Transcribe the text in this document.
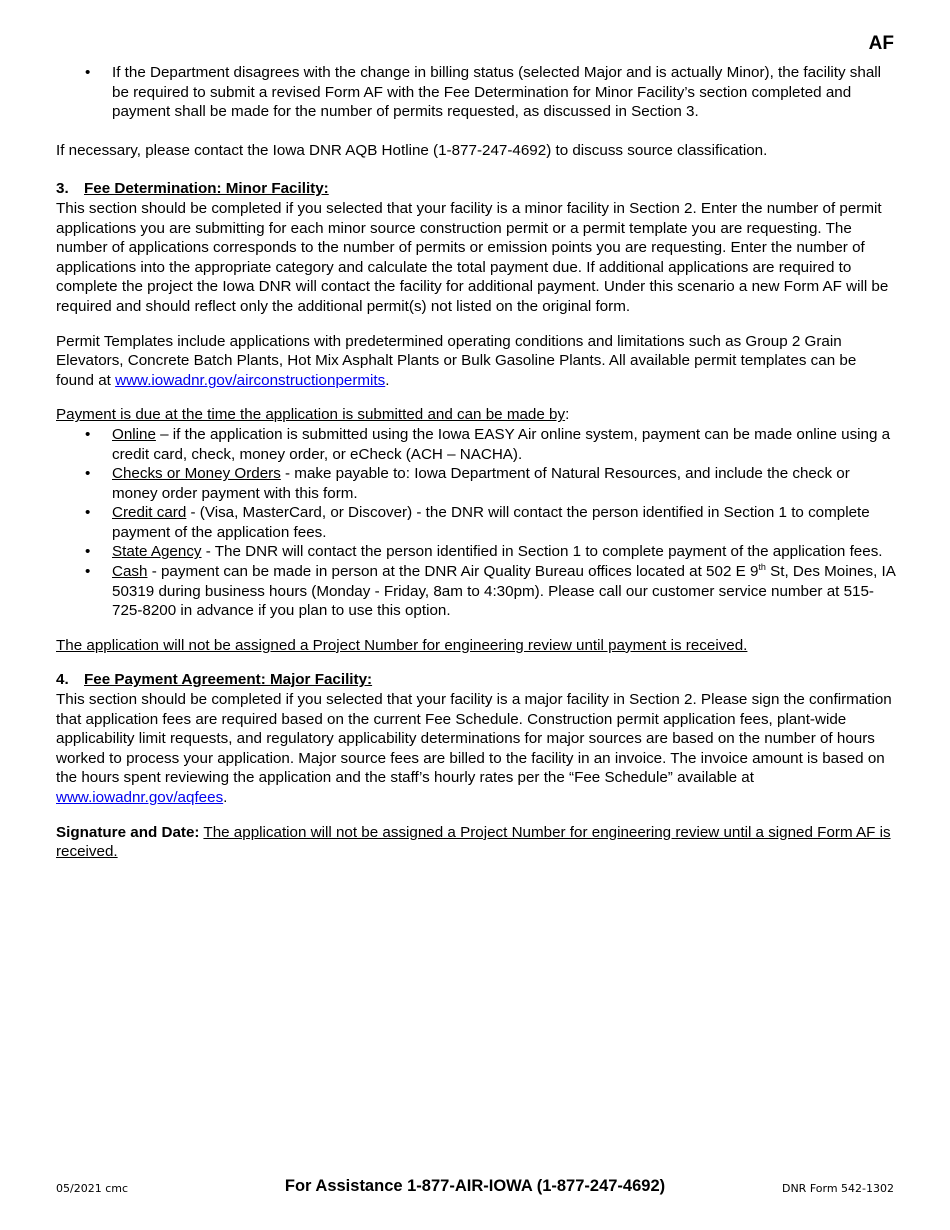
AF
• If the Department disagrees with the change in billing status (selected Major and is actually Minor), the facility shall be required to submit a revised Form AF with the Fee Determination for Minor Facility’s section completed and payment shall be made for the number of permits requested, as discussed in Section 3.

If necessary, please contact the Iowa DNR AQB Hotline (1-877-247-4692) to discuss source classification.

3. Fee Determination: Minor Facility:

This section should be completed if you selected that your facility is a minor facility in Section 2. Enter the number of permit applications you are submitting for each minor source construction permit or a permit template you are requesting. The number of applications corresponds to the number of permits or emission points you are requesting. Enter the number of applications into the appropriate category and calculate the total payment due. If additional applications are required to complete the project the Iowa DNR will contact the facility for additional payment. Under this scenario a new Form AF will be required and should reflect only the additional permit(s) not listed on the original form.

Permit Templates include applications with predetermined operating conditions and limitations such as Group 2 Grain Elevators, Concrete Batch Plants, Hot Mix Asphalt Plants or Bulk Gasoline Plants. All available permit templates can be found at www.iowadnr.gov/airconstructionpermits.

Payment is due at the time the application is submitted and can be made by:

• Online – if the application is submitted using the Iowa EASY Air online system, payment can be made online using a credit card, check, money order, or eCheck (ACH – NACHA).
• Checks or Money Orders - make payable to: Iowa Department of Natural Resources, and include the check or money order payment with this form.
• Credit card - (Visa, MasterCard, or Discover) - the DNR will contact the person identified in Section 1 to complete payment of the application fees.
• State Agency - The DNR will contact the person identified in Section 1 to complete payment of the application fees.
• Cash - payment can be made in person at the DNR Air Quality Bureau offices located at 502 E 9th St, Des Moines, IA 50319 during business hours (Monday - Friday, 8am to 4:30pm). Please call our customer service number at 515-725-8200 in advance if you plan to use this option.

The application will not be assigned a Project Number for engineering review until payment is received.

4. Fee Payment Agreement: Major Facility:

This section should be completed if you selected that your facility is a major facility in Section 2. Please sign the confirmation that application fees are required based on the current Fee Schedule. Construction permit application fees, plant-wide applicability limit requests, and regulatory applicability determinations for major sources are based on the number of hours worked to process your application. Major source fees are billed to the facility in an invoice. The invoice amount is based on the hours spent reviewing the application and the staff’s hourly rates per the “Fee Schedule” available at www.iowadnr.gov/aqfees.

Signature and Date: The application will not be assigned a Project Number for engineering review until a signed Form AF is received.

05/2021 cmc	For Assistance 1-877-AIR-IOWA (1-877-247-4692)	DNR Form 542-1302
